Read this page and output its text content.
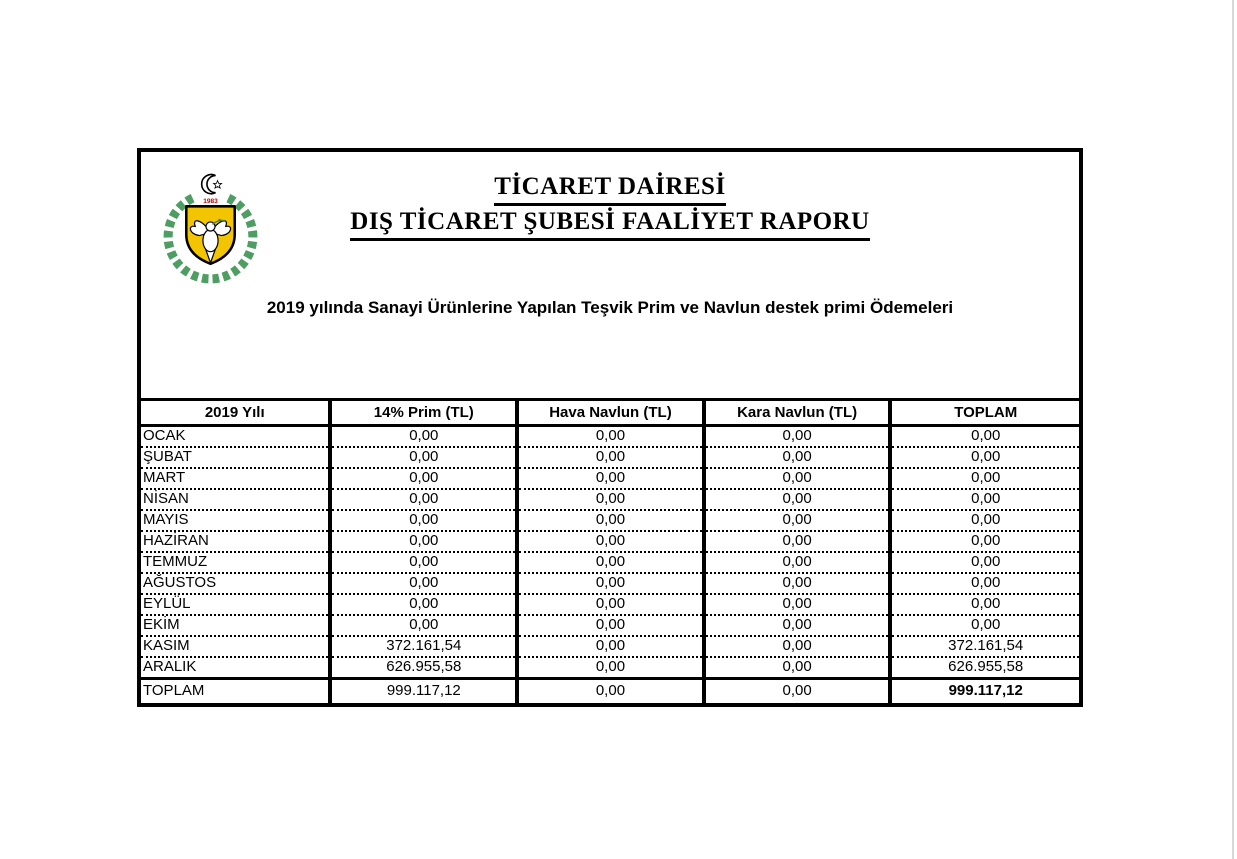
1983
TİCARET DAİRESİ
DIŞ TİCARET ŞUBESİ FAALİYET RAPORU
2019 yılında Sanayi Ürünlerine Yapılan Teşvik Prim ve Navlun destek primi Ödemeleri
2019 Yılı	14% Prim (TL)	Hava Navlun (TL)	Kara Navlun (TL)	TOPLAM
OCAK	0,00	0,00	0,00	0,00
ŞUBAT	0,00	0,00	0,00	0,00
MART	0,00	0,00	0,00	0,00
NİSAN	0,00	0,00	0,00	0,00
MAYIS	0,00	0,00	0,00	0,00
HAZİRAN	0,00	0,00	0,00	0,00
TEMMUZ	0,00	0,00	0,00	0,00
AĞUSTOS	0,00	0,00	0,00	0,00
EYLÜL	0,00	0,00	0,00	0,00
EKİM	0,00	0,00	0,00	0,00
KASIM	372.161,54	0,00	0,00	372.161,54
ARALIK	626.955,58	0,00	0,00	626.955,58
TOPLAM	999.117,12	0,00	0,00	999.117,12
